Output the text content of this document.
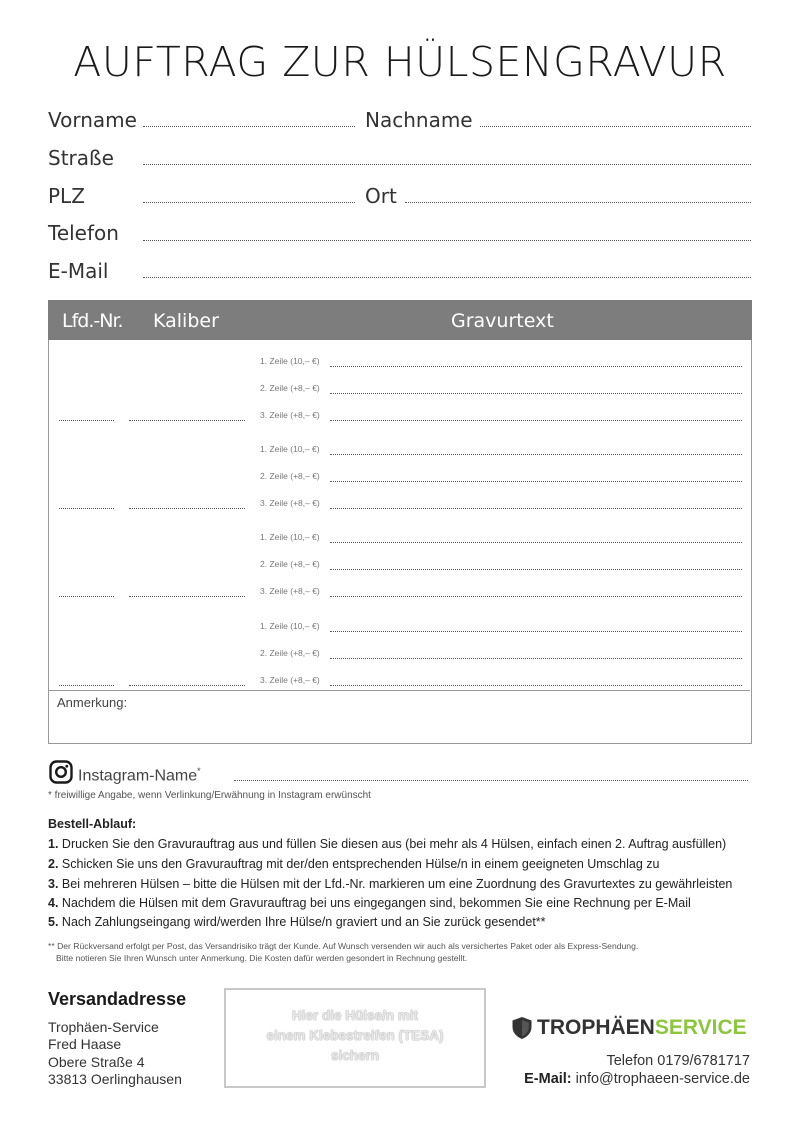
AUFTRAG ZUR HÜLSENGRAVUR
Vorname	Nachname
Straße
PLZ	Ort
Telefon
E-Mail
Lfd.-Nr. Kaliber	Gravurtext
1. Zeile (10,– €)
2. Zeile (+8,– €)
3. Zeile (+8,– €)
1. Zeile (10,– €)
2. Zeile (+8,– €)
3. Zeile (+8,– €)
1. Zeile (10,– €)
2. Zeile (+8,– €)
3. Zeile (+8,– €)
1. Zeile (10,– €)
2. Zeile (+8,– €)
3. Zeile (+8,– €)
Anmerkung:
Instagram-Name*
* freiwillige Angabe, wenn Verlinkung/Erwähnung in Instagram erwünscht
Bestell-Ablauf:
1. Drucken Sie den Gravurauftrag aus und füllen Sie diesen aus (bei mehr als 4 Hülsen, einfach einen 2. Auftrag ausfüllen)
2. Schicken Sie uns den Gravurauftrag mit der/den entsprechenden Hülse/n in einem geeigneten Umschlag zu
3. Bei mehreren Hülsen – bitte die Hülsen mit der Lfd.-Nr. markieren um eine Zuordnung des Gravurtextes zu gewährleisten
4. Nachdem die Hülsen mit dem Gravurauftrag bei uns eingegangen sind, bekommen Sie eine Rechnung per E-Mail
5. Nach Zahlungseingang wird/werden Ihre Hülse/n graviert und an Sie zurück gesendet**
** Der Rückversand erfolgt per Post, das Versandrisiko trägt der Kunde. Auf Wunsch versenden wir auch als versichertes Paket oder als Express-Sendung.
Bitte notieren Sie Ihren Wunsch unter Anmerkung. Die Kosten dafür werden gesondert in Rechnung gestellt.
Versandadresse
Trophäen-Service
Fred Haase
Obere Straße 4
33813 Oerlinghausen
Hier die Hülse/n mit
einem Klebestreifen (TESA)
sichern
TROPHÄENSERVICE
Telefon 0179/6781717
E-Mail: info@trophaeen-service.de
